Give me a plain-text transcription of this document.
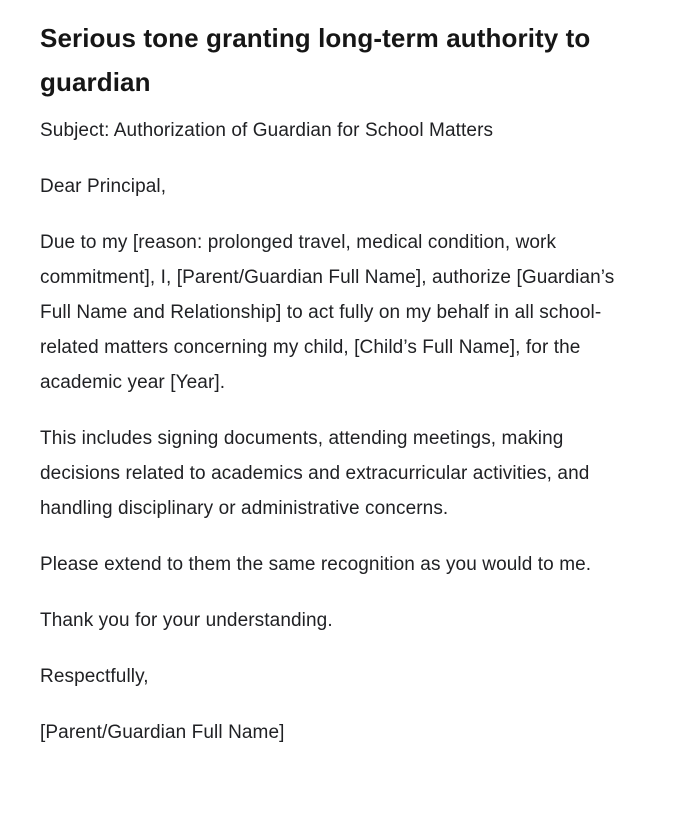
Serious tone granting long-term authority to guardian

Subject: Authorization of Guardian for School Matters

Dear Principal,

Due to my [reason: prolonged travel, medical condition, work commitment], I, [Parent/Guardian Full Name], authorize [Guardian’s Full Name and Relationship] to act fully on my behalf in all school-related matters concerning my child, [Child’s Full Name], for the academic year [Year].

This includes signing documents, attending meetings, making decisions related to academics and extracurricular activities, and handling disciplinary or administrative concerns.

Please extend to them the same recognition as you would to me.

Thank you for your understanding.

Respectfully,

[Parent/Guardian Full Name]
